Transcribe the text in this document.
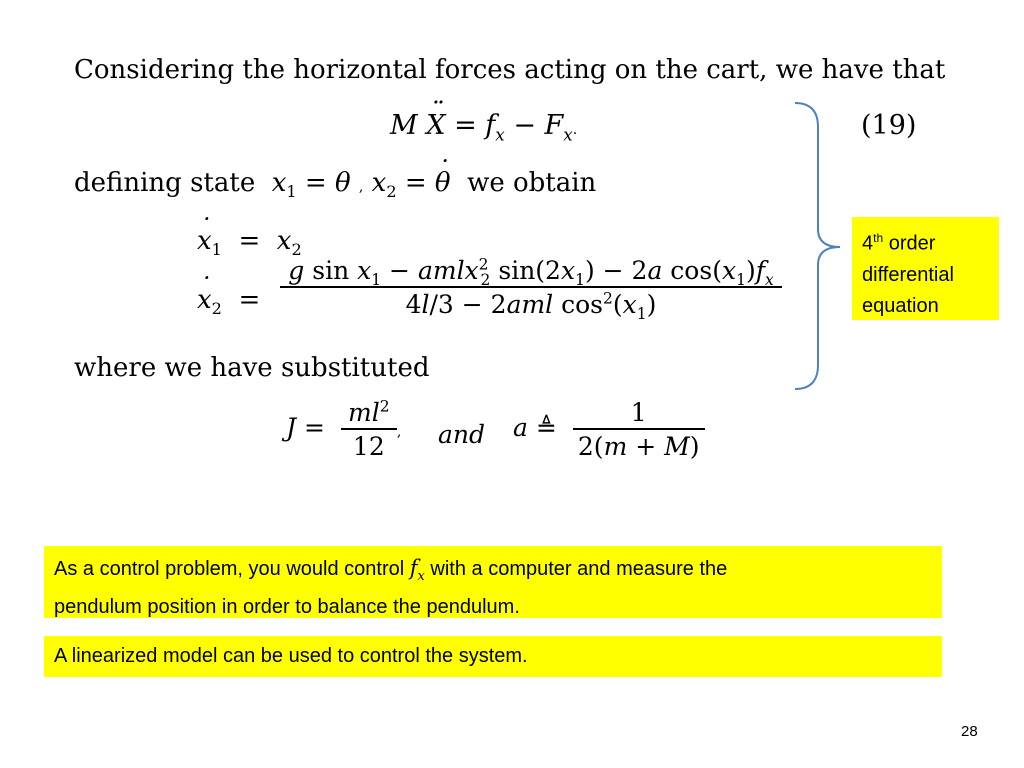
Considering the horizontal forces acting on the cart, we have that
M X ¨ = $f_x - F_x$.	(19)
defining state $x_1 = \theta$ , $x_2 = \theta$ ˙ we obtain
x $˙_1 = x_2$
x $˙_2 = \frac{g \sin x_1 - amlx^2_2 \sin(2x_1) - 2a \cos(x_1)f_x}{4l/3 - 2aml \cos^2(x_1)}$
where we have substituted
$J = \frac{ml^2}{12}$ , and a ≜ $\frac{1}{2(m + M)}$
4th order
differential
equation
As a control problem, you would control $f_x$ with a computer and measure the
pendulum position in order to balance the pendulum.
A linearized model can be used to control the system.
28
